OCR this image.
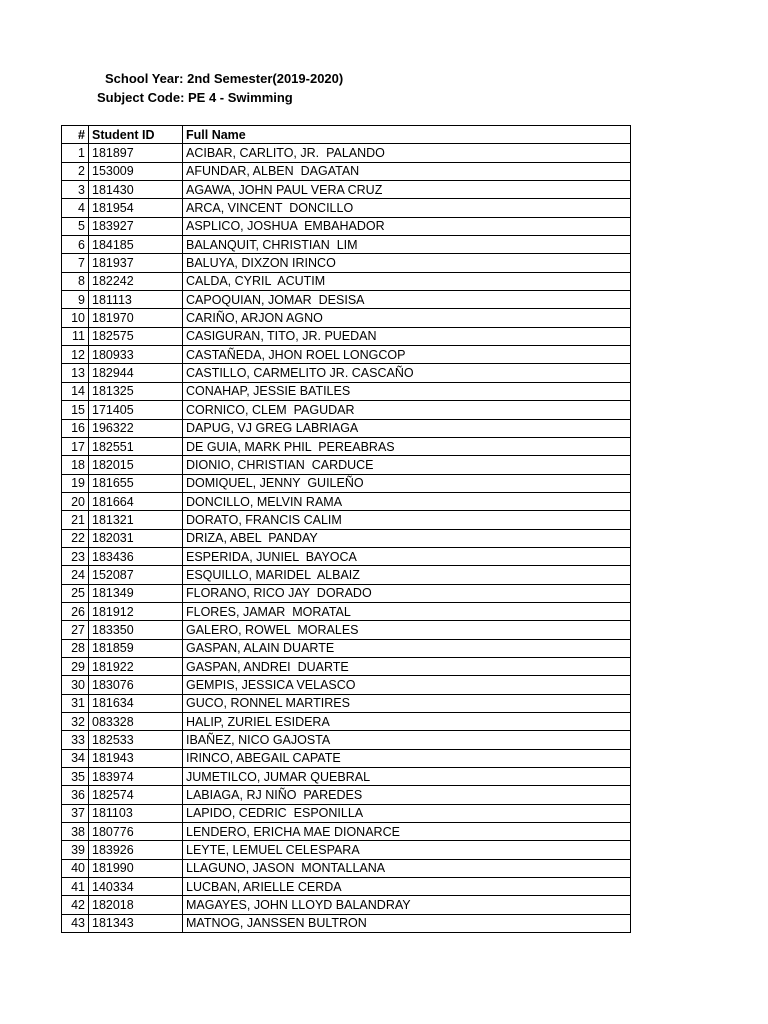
School Year: 2nd Semester(2019-2020)
Subject Code: PE 4 - Swimming
#	Student ID	Full Name
1	181897	ACIBAR, CARLITO, JR.  PALANDO
2	153009	AFUNDAR, ALBEN  DAGATAN
3	181430	AGAWA, JOHN PAUL VERA CRUZ
4	181954	ARCA, VINCENT  DONCILLO
5	183927	ASPLICO, JOSHUA  EMBAHADOR
6	184185	BALANQUIT, CHRISTIAN  LIM
7	181937	BALUYA, DIXZON IRINCO
8	182242	CALDA, CYRIL  ACUTIM
9	181113	CAPOQUIAN, JOMAR  DESISA
10	181970	CARIÑO, ARJON AGNO
11	182575	CASIGURAN, TITO, JR. PUEDAN
12	180933	CASTAÑEDA, JHON ROEL LONGCOP
13	182944	CASTILLO, CARMELITO JR. CASCAÑO
14	181325	CONAHAP, JESSIE BATILES
15	171405	CORNICO, CLEM  PAGUDAR
16	196322	DAPUG, VJ GREG LABRIAGA
17	182551	DE GUIA, MARK PHIL  PEREABRAS
18	182015	DIONIO, CHRISTIAN  CARDUCE
19	181655	DOMIQUEL, JENNY  GUILEÑO
20	181664	DONCILLO, MELVIN RAMA
21	181321	DORATO, FRANCIS CALIM
22	182031	DRIZA, ABEL  PANDAY
23	183436	ESPERIDA, JUNIEL  BAYOCA
24	152087	ESQUILLO, MARIDEL  ALBAIZ
25	181349	FLORANO, RICO JAY  DORADO
26	181912	FLORES, JAMAR  MORATAL
27	183350	GALERO, ROWEL  MORALES
28	181859	GASPAN, ALAIN DUARTE
29	181922	GASPAN, ANDREI  DUARTE
30	183076	GEMPIS, JESSICA VELASCO
31	181634	GUCO, RONNEL MARTIRES
32	083328	HALIP, ZURIEL ESIDERA
33	182533	IBAÑEZ, NICO GAJOSTA
34	181943	IRINCO, ABEGAIL CAPATE
35	183974	JUMETILCO, JUMAR QUEBRAL
36	182574	LABIAGA, RJ NIÑO  PAREDES
37	181103	LAPIDO, CEDRIC  ESPONILLA
38	180776	LENDERO, ERICHA MAE DIONARCE
39	183926	LEYTE, LEMUEL CELESPARA
40	181990	LLAGUNO, JASON  MONTALLANA
41	140334	LUCBAN, ARIELLE CERDA
42	182018	MAGAYES, JOHN LLOYD BALANDRAY
43	181343	MATNOG, JANSSEN BULTRON
